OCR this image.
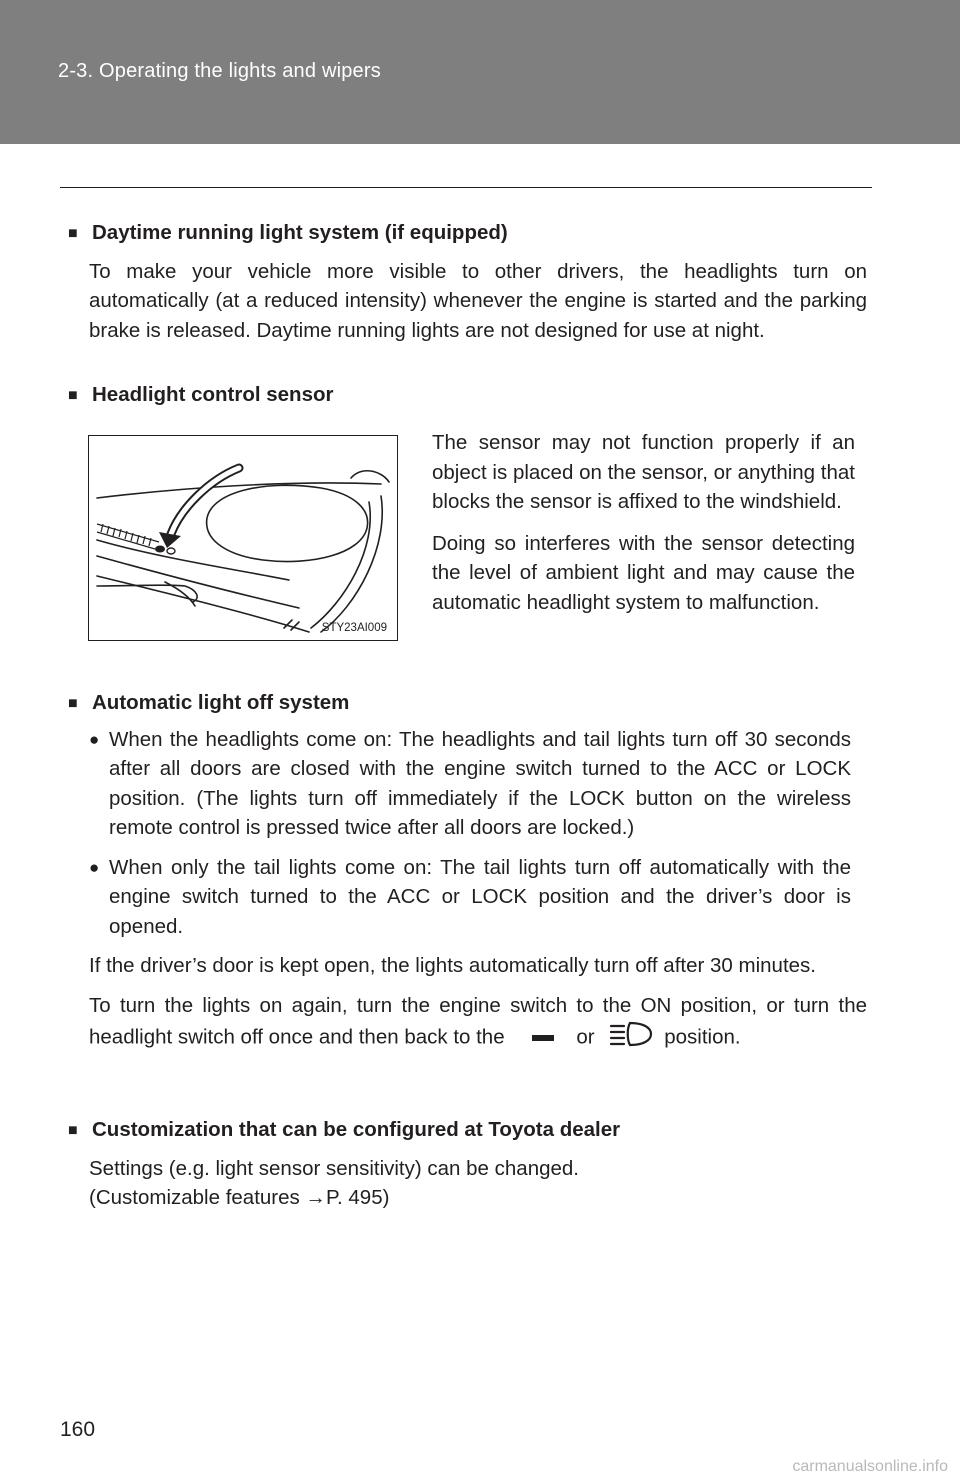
2-3. Operating the lights and wipers
■ Daytime running light system (if equipped)
To make your vehicle more visible to other drivers, the headlights turn on automatically (at a reduced intensity) whenever the engine is started and the parking brake is released. Daytime running lights are not designed for use at night.
■ Headlight control sensor
STY23AI009
The sensor may not function properly if an object is placed on the sensor, or anything that blocks the sensor is affixed to the windshield.
Doing so interferes with the sensor detecting the level of ambient light and may cause the automatic headlight system to malfunction.
■ Automatic light off system
● When the headlights come on: The headlights and tail lights turn off 30 seconds after all doors are closed with the engine switch turned to the ACC or LOCK position. (The lights turn off immediately if the LOCK button on the wireless remote control is pressed twice after all doors are locked.)
● When only the tail lights come on: The tail lights turn off automatically with the engine switch turned to the ACC or LOCK position and the driver’s door is opened.
If the driver’s door is kept open, the lights automatically turn off after 30 minutes.
To turn the lights on again, turn the engine switch to the ON position, or turn the headlight switch off once and then back to the	or	position.
■ Customization that can be configured at Toyota dealer
Settings (e.g. light sensor sensitivity) can be changed.
(Customizable features →P. 495)
160
carmanualsonline.info
